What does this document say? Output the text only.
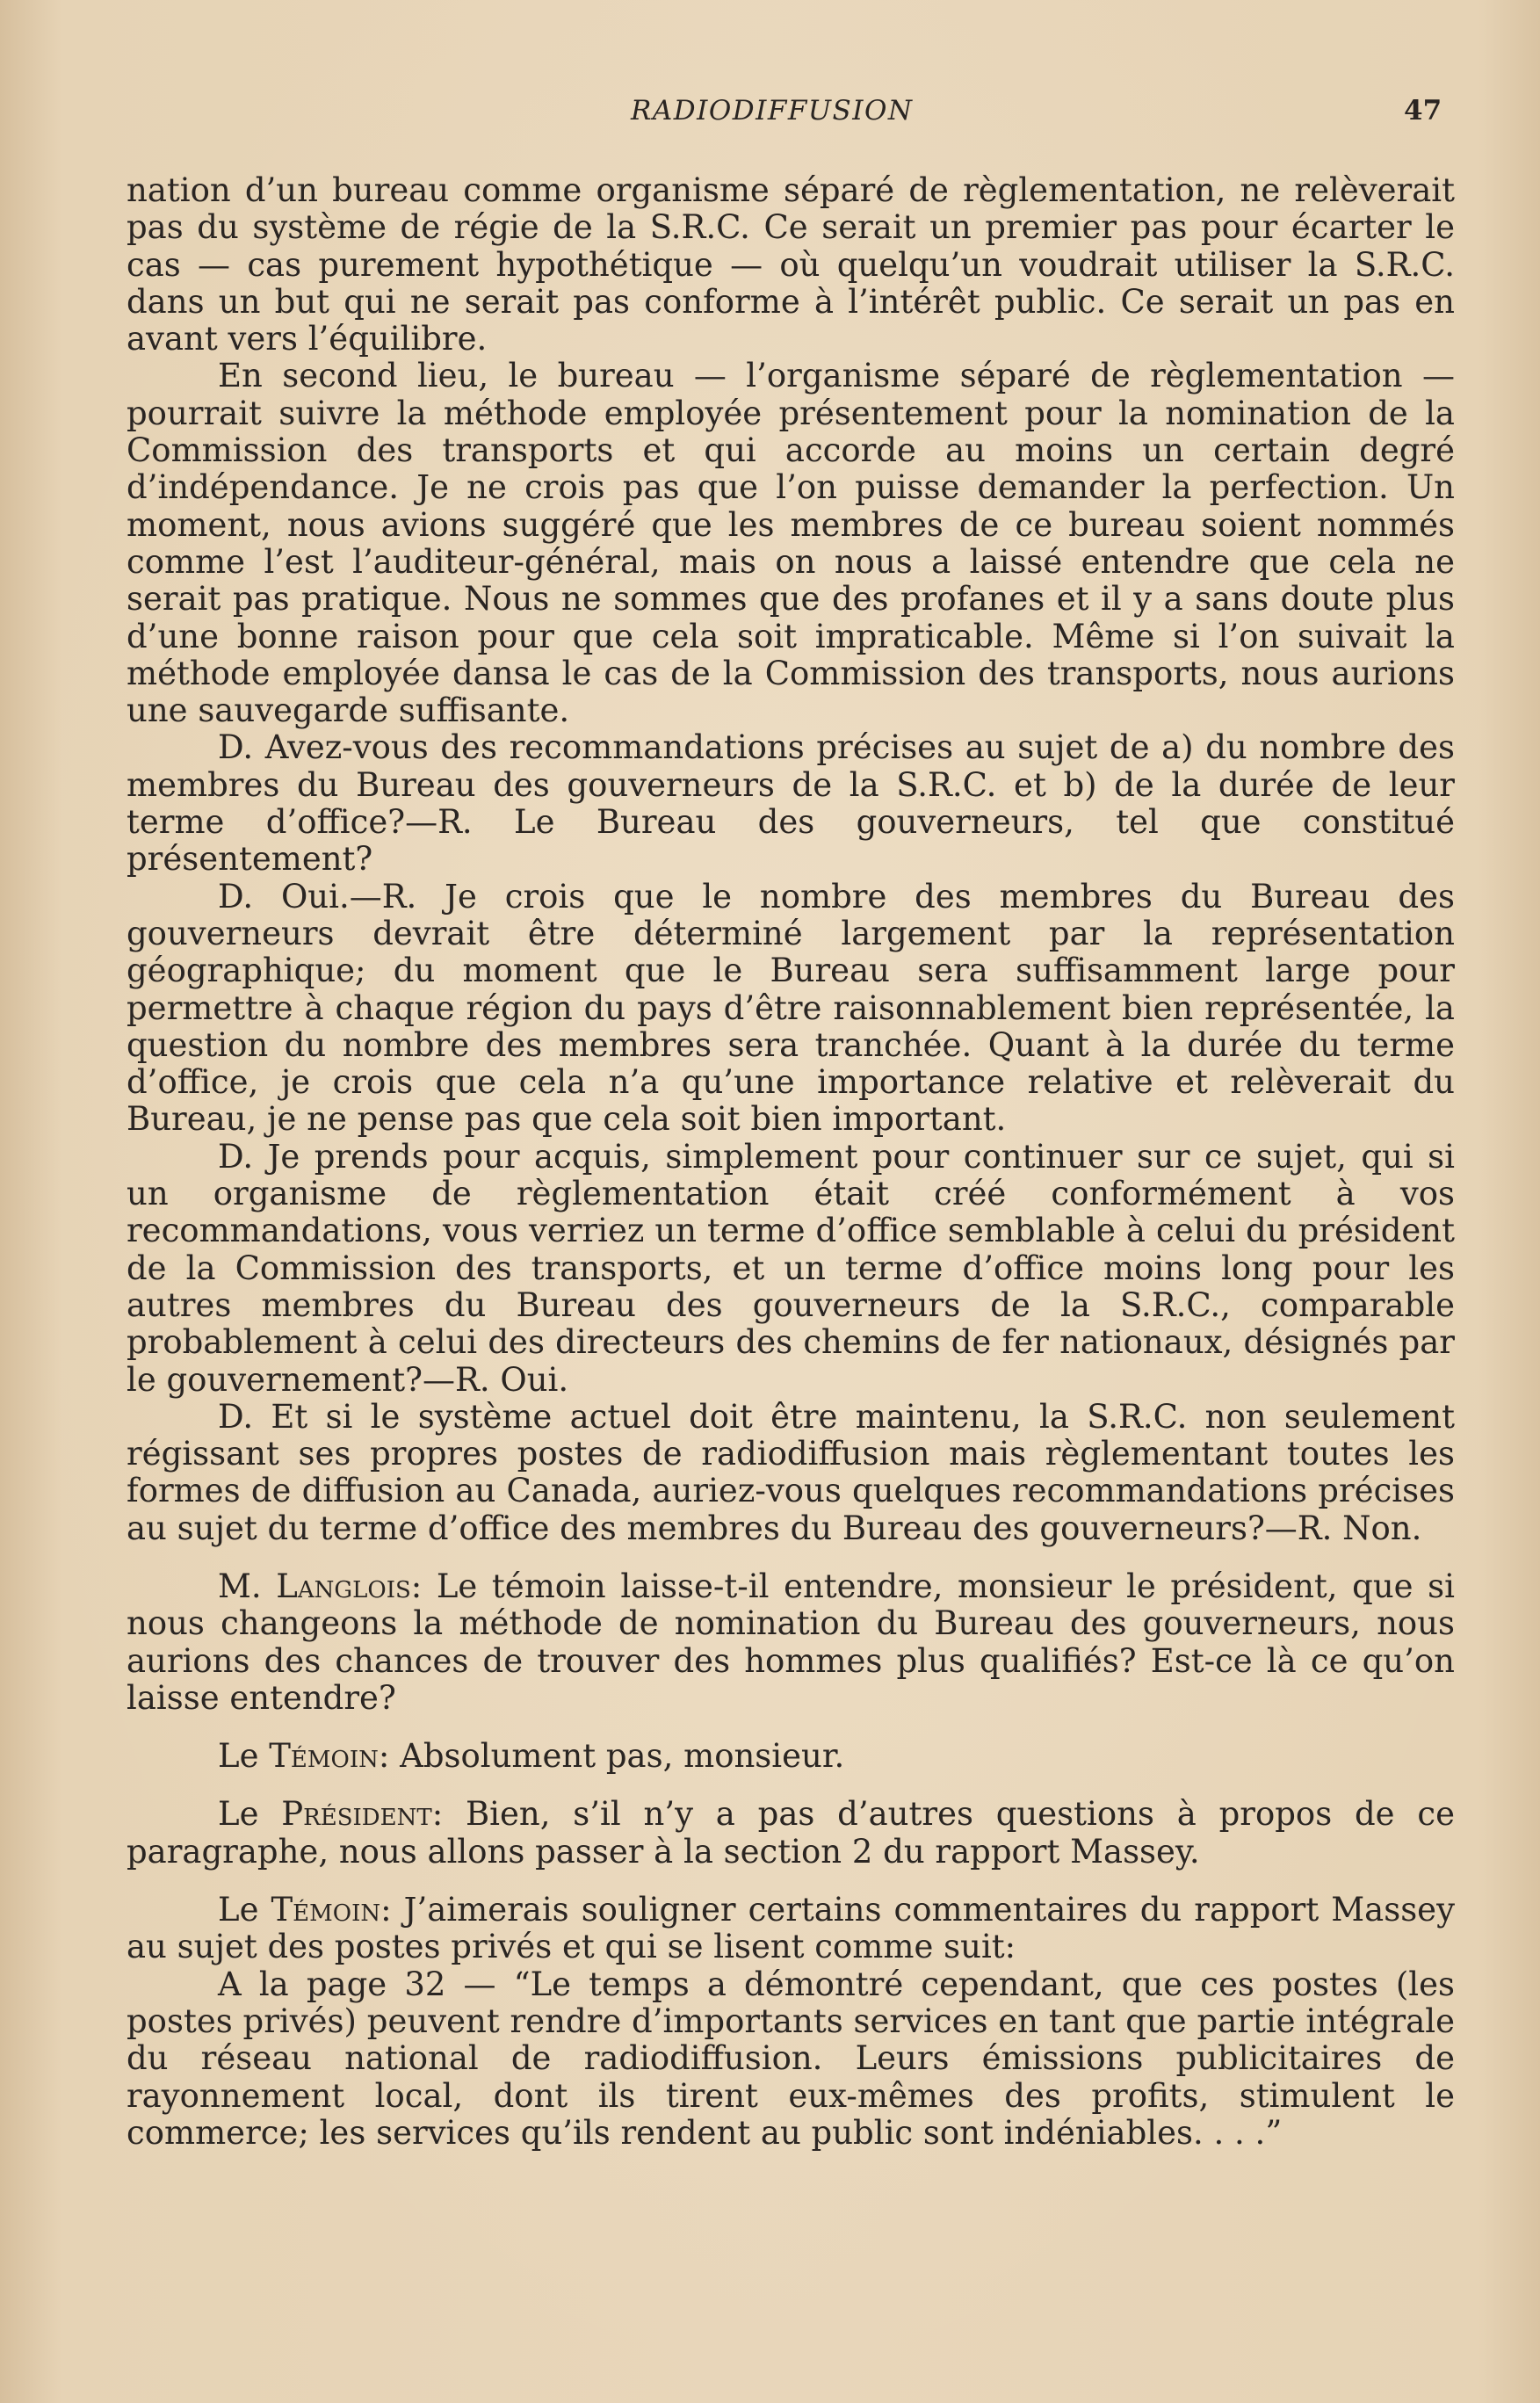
RADIODIFFUSION	47

nation d’un bureau comme organisme séparé de règlementation, ne relèverait pas du système de régie de la S.R.C. Ce serait un premier pas pour écarter le cas — cas purement hypothétique — où quelqu’un voudrait utiliser la S.R.C. dans un but qui ne serait pas conforme à l’intérêt public. Ce serait un pas en avant vers l’équilibre.

En second lieu, le bureau — l’organisme séparé de règlementation — pourrait suivre la méthode employée présentement pour la nomination de la Commission des transports et qui accorde au moins un certain degré d’indépendance. Je ne crois pas que l’on puisse demander la perfection. Un moment, nous avions suggéré que les membres de ce bureau soient nommés comme l’est l’auditeur-général, mais on nous a laissé entendre que cela ne serait pas pratique. Nous ne sommes que des profanes et il y a sans doute plus d’une bonne raison pour que cela soit impraticable. Même si l’on suivait la méthode employée dansa le cas de la Commission des transports, nous aurions une sauvegarde suffisante.

D. Avez-vous des recommandations précises au sujet de a) du nombre des membres du Bureau des gouverneurs de la S.R.C. et b) de la durée de leur terme d’office?—R. Le Bureau des gouverneurs, tel que constitué présentement?

D. Oui.—R. Je crois que le nombre des membres du Bureau des gouverneurs devrait être déterminé largement par la représentation géographique; du moment que le Bureau sera suffisamment large pour permettre à chaque région du pays d’être raisonnablement bien représentée, la question du nombre des membres sera tranchée. Quant à la durée du terme d’office, je crois que cela n’a qu’une importance relative et relèverait du Bureau, je ne pense pas que cela soit bien important.

D. Je prends pour acquis, simplement pour continuer sur ce sujet, qui si un organisme de règlementation était créé conformément à vos recommandations, vous verriez un terme d’office semblable à celui du président de la Commission des transports, et un terme d’office moins long pour les autres membres du Bureau des gouverneurs de la S.R.C., comparable probablement à celui des directeurs des chemins de fer nationaux, désignés par le gouvernement?—R. Oui.

D. Et si le système actuel doit être maintenu, la S.R.C. non seulement régissant ses propres postes de radiodiffusion mais règlementant toutes les formes de diffusion au Canada, auriez-vous quelques recommandations précises au sujet du terme d’office des membres du Bureau des gouverneurs?—R. Non.

M. Langlois: Le témoin laisse-t-il entendre, monsieur le président, que si nous changeons la méthode de nomination du Bureau des gouverneurs, nous aurions des chances de trouver des hommes plus qualifiés? Est-ce là ce qu’on laisse entendre?

Le Témoin: Absolument pas, monsieur.

Le Président: Bien, s’il n’y a pas d’autres questions à propos de ce paragraphe, nous allons passer à la section 2 du rapport Massey.

Le Témoin: J’aimerais souligner certains commentaires du rapport Massey au sujet des postes privés et qui se lisent comme suit:

A la page 32 — “Le temps a démontré cependant, que ces postes (les postes privés) peuvent rendre d’importants services en tant que partie intégrale du réseau national de radiodiffusion. Leurs émissions publicitaires de rayonnement local, dont ils tirent eux-mêmes des profits, stimulent le commerce; les services qu’ils rendent au public sont indéniables. . . .”
